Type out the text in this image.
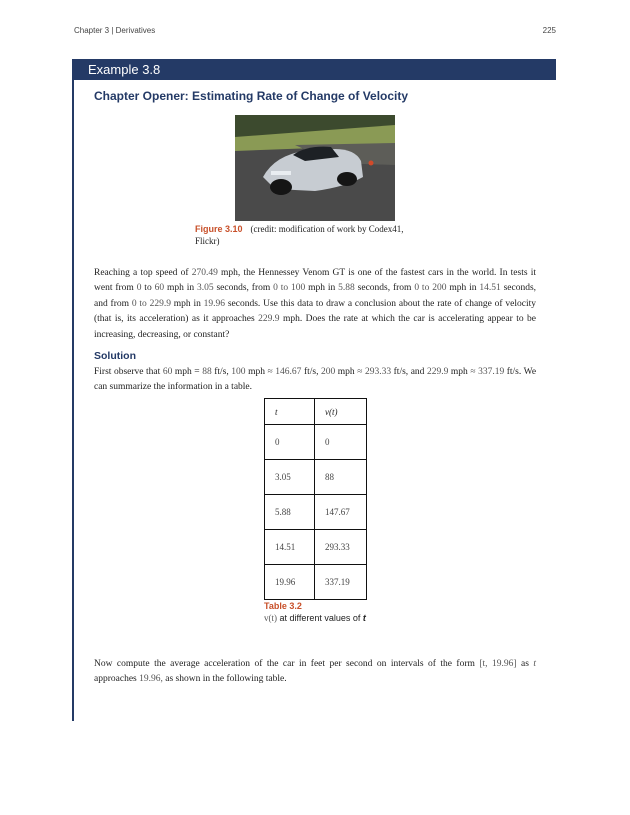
Chapter 3 | Derivatives	225
Example 3.8
Chapter Opener: Estimating Rate of Change of Velocity
Figure 3.10 (credit: modification of work by Codex41, Flickr)
Reaching a top speed of 270.49 mph, the Hennessey Venom GT is one of the fastest cars in the world. In tests it went from 0 to 60 mph in 3.05 seconds, from 0 to 100 mph in 5.88 seconds, from 0 to 200 mph in 14.51 seconds, and from 0 to 229.9 mph in 19.96 seconds. Use this data to draw a conclusion about the rate of change of velocity (that is, its acceleration) as it approaches 229.9 mph. Does the rate at which the car is accelerating appear to be increasing, decreasing, or constant?
Solution
First observe that 60 mph = 88 ft/s, 100 mph ≈ 146.67 ft/s, 200 mph ≈ 293.33 ft/s, and 229.9 mph ≈ 337.19 ft/s. We can summarize the information in a table.
t	v(t)
0	0
3.05	88
5.88	147.67
14.51	293.33
19.96	337.19
Table 3.2
v(t) at different values of t
Now compute the average acceleration of the car in feet per second on intervals of the form [t, 19.96] as t approaches 19.96, as shown in the following table.
